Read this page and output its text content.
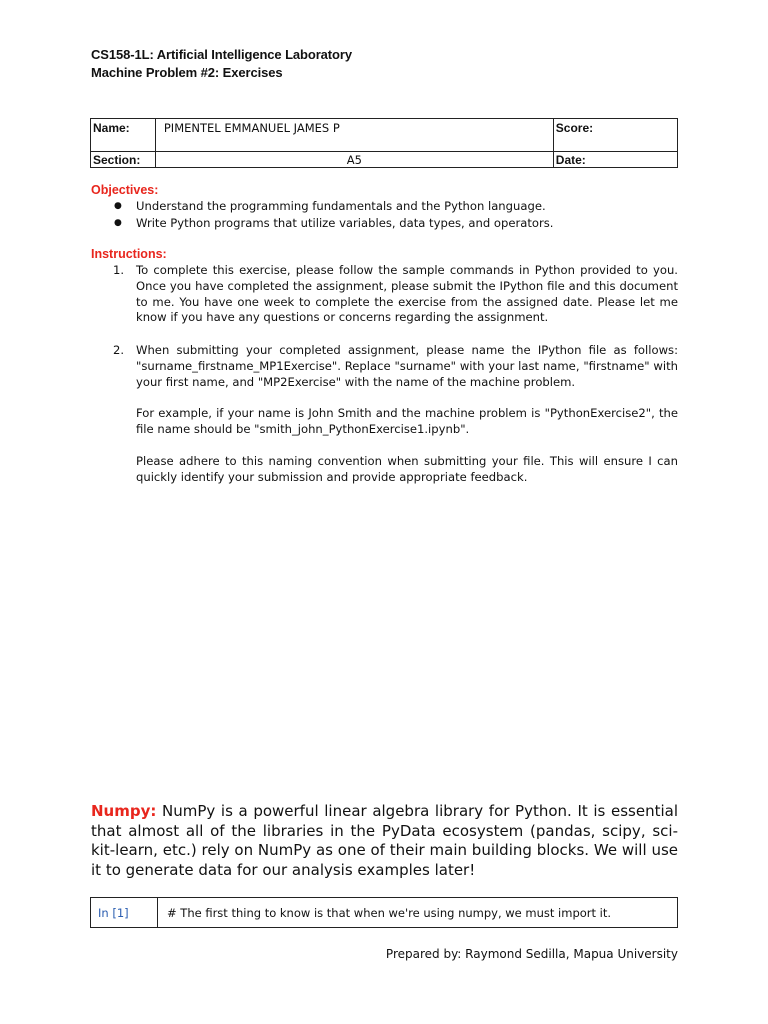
CS158-1L: Artificial Intelligence Laboratory
Machine Problem #2: Exercises
Name:	PIMENTEL EMMANUEL JAMES P	Score:
Section:	A5	Date:
Objectives:
●	Understand the programming fundamentals and the Python language.
●	Write Python programs that utilize variables, data types, and operators.
Instructions:
1. To complete this exercise, please follow the sample commands in Python provided to you. Once you have completed the assignment, please submit the IPython file and this document to me. You have one week to complete the exercise from the assigned date. Please let me know if you have any questions or concerns regarding the assignment.
2. When submitting your completed assignment, please name the IPython file as follows: "surname_firstname_MP1Exercise". Replace "surname" with your last name, "firstname" with your first name, and "MP2Exercise" with the name of the machine problem.
For example, if your name is John Smith and the machine problem is "PythonExercise2", the file name should be "smith_john_PythonExercise1.ipynb".
Please adhere to this naming convention when submitting your file. This will ensure I can quickly identify your submission and provide appropriate feedback.
Numpy: NumPy is a powerful linear algebra library for Python. It is essential that almost all of the libraries in the PyData ecosystem (pandas, scipy, sci-kit-learn, etc.) rely on NumPy as one of their main building blocks. We will use it to generate data for our analysis examples later!
In [1]	# The first thing to know is that when we're using numpy, we must import it.
Prepared by: Raymond Sedilla, Mapua University
